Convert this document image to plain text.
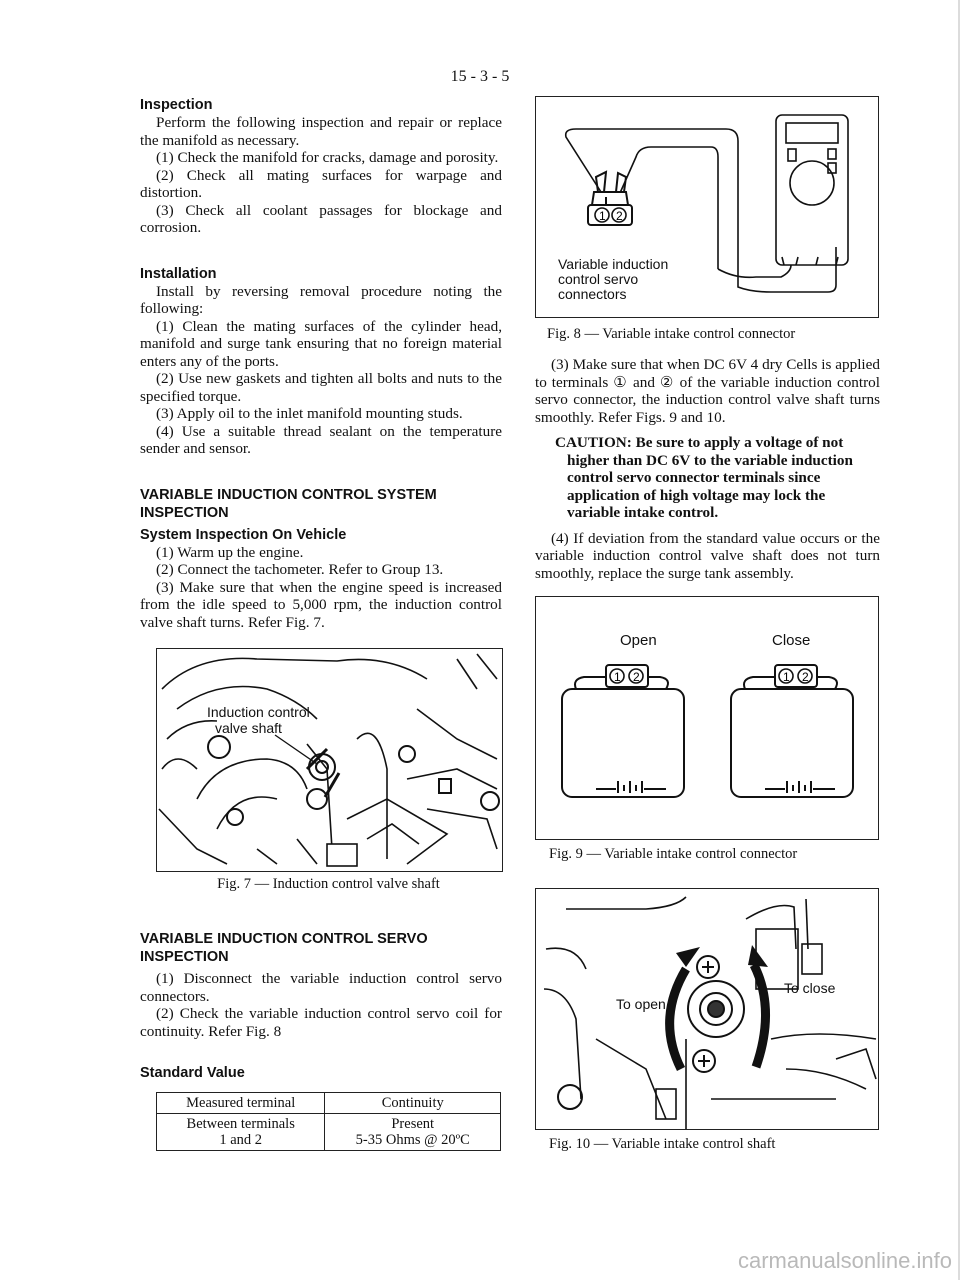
15 - 3 - 5
Inspection

Perform the following inspection and repair or replace the manifold as necessary.

(1) Check the manifold for cracks, damage and porosity.

(2) Check all mating surfaces for warpage and distortion.

(3) Check all coolant passages for blockage and corrosion.

Installation

Install by reversing removal procedure noting the following:

(1) Clean the mating surfaces of the cylinder head, manifold and surge tank ensuring that no foreign material enters any of the ports.

(2) Use new gaskets and tighten all bolts and nuts to the specified torque.

(3) Apply oil to the inlet manifold mounting studs.

(4) Use a suitable thread sealant on the temperature sender and sensor.

VARIABLE INDUCTION CONTROL SYSTEM
INSPECTION
System Inspection On Vehicle

(1) Warm up the engine.

(2) Connect the tachometer. Refer to Group 13.

(3) Make sure that when the engine speed is increased from the idle speed to 5,000 rpm, the induction control valve shaft turns. Refer Fig. 7.

Induction control
valve shaft
Fig. 7 — Induction control valve shaft
VARIABLE INDUCTION CONTROL SERVO
INSPECTION

(1) Disconnect the variable induction control servo connectors.

(2) Check the variable induction control servo coil for continuity. Refer Fig. 8

Standard Value
Measured terminal	Continuity
Between terminals
1 and 2	Present
5-35 Ohms @ 20ºC
1 2
Variable induction
control servo
connectors
Fig. 8 — Variable intake control connector

(3) Make sure that when DC 6V 4 dry Cells is applied to terminals ① and ② of the variable induction control servo connector, the induction control valve shaft turns smoothly. Refer Figs. 9 and 10.

CAUTION: Be sure to apply a voltage of not higher than DC 6V to the variable induction control servo connector terminals since application of high voltage may lock the variable intake control.

(4) If deviation from the standard value occurs or the variable induction control valve shaft does not turn smoothly, replace the surge tank assembly.

Open	Close
1 2	1 2
Fig. 9 — Variable intake control connector
To open
To close
Fig. 10 — Variable intake control shaft
carmanualsonline.info
